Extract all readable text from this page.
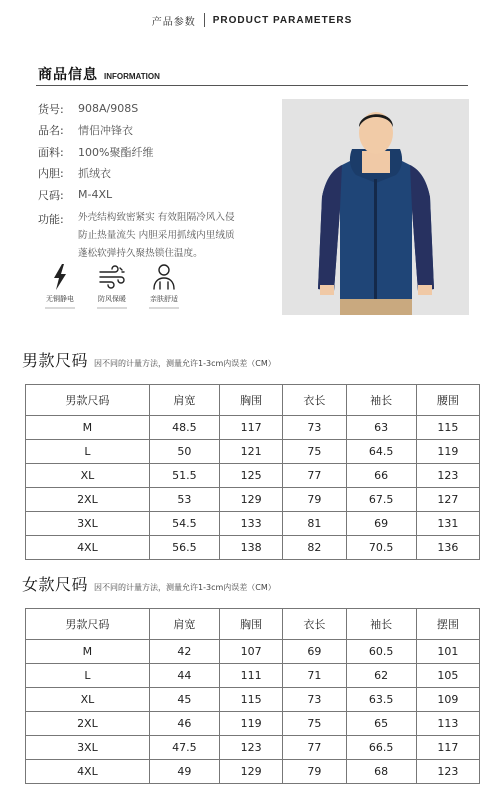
产品参数 PRODUCT PARAMETERS
商品信息 INFORMATION
货号:	908A/908S
品名:	情侣冲锋衣
面料:	100%聚酯纤维
内胆:	抓绒衣
尺码:	M-4XL
功能:	外壳结构致密紧实 有效阻隔冷风入侵
防止热量流失 内胆采用抓绒内里绒质
蓬松软弹持久聚热锁住温度。
无铜静电	防风保暖	亲肤舒适
男款尺码 因不同的计量方法，测量允许1-3cm内误差（CM）
男款尺码	肩宽	胸围	衣长	袖长	腰围
M	48.5	117	73	63	115
L	50	121	75	64.5	119
XL	51.5	125	77	66	123
2XL	53	129	79	67.5	127
3XL	54.5	133	81	69	131
4XL	56.5	138	82	70.5	136
女款尺码 因不同的计量方法，测量允许1-3cm内误差（CM）
男款尺码	肩宽	胸围	衣长	袖长	摆围
M	42	107	69	60.5	101
L	44	111	71	62	105
XL	45	115	73	63.5	109
2XL	46	119	75	65	113
3XL	47.5	123	77	66.5	117
4XL	49	129	79	68	123
